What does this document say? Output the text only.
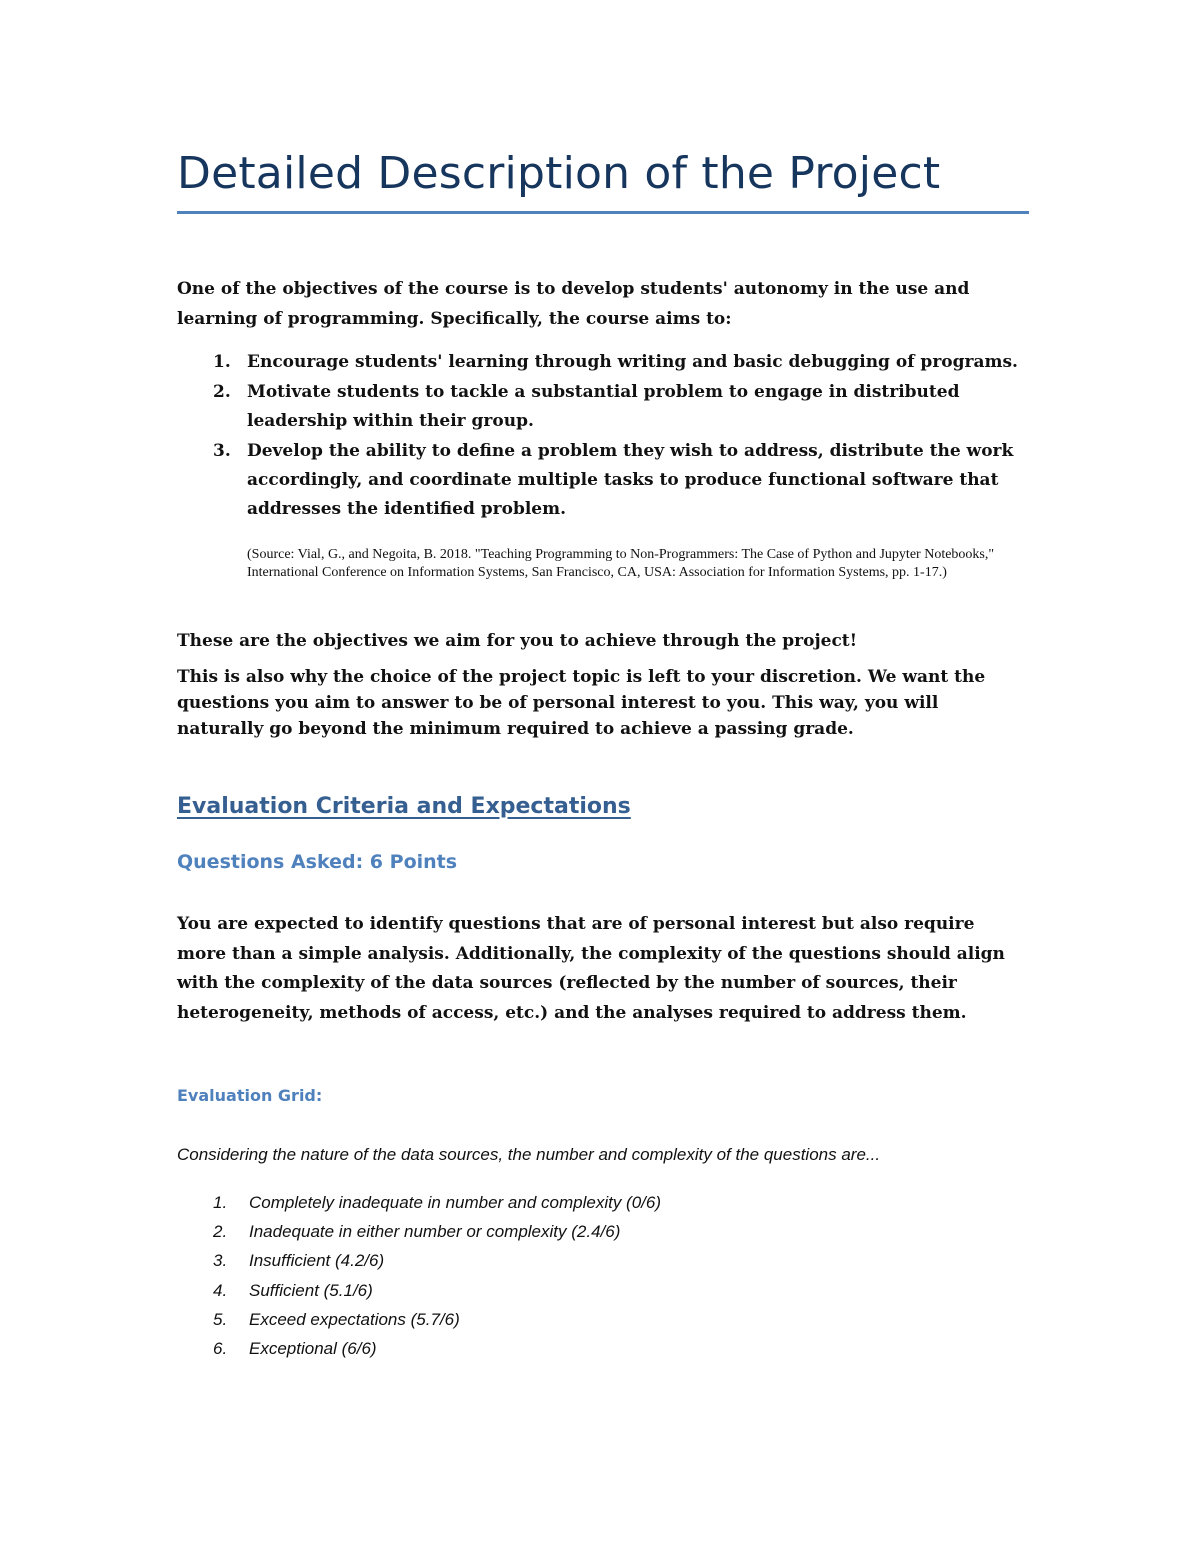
Detailed Description of the Project

One of the objectives of the course is to develop students' autonomy in the use and learning of programming. Specifically, the course aims to:

1. Encourage students' learning through writing and basic debugging of programs.
2. Motivate students to tackle a substantial problem to engage in distributed leadership within their group.
3. Develop the ability to define a problem they wish to address, distribute the work accordingly, and coordinate multiple tasks to produce functional software that addresses the identified problem.

(Source: Vial, G., and Negoita, B. 2018. "Teaching Programming to Non-Programmers: The Case of Python and Jupyter Notebooks," International Conference on Information Systems, San Francisco, CA, USA: Association for Information Systems, pp. 1-17.)

These are the objectives we aim for you to achieve through the project!

This is also why the choice of the project topic is left to your discretion. We want the questions you aim to answer to be of personal interest to you. This way, you will naturally go beyond the minimum required to achieve a passing grade.

Evaluation Criteria and Expectations
Questions Asked: 6 Points

You are expected to identify questions that are of personal interest but also require more than a simple analysis. Additionally, the complexity of the questions should align with the complexity of the data sources (reflected by the number of sources, their heterogeneity, methods of access, etc.) and the analyses required to address them.

Evaluation Grid:

Considering the nature of the data sources, the number and complexity of the questions are...

1. Completely inadequate in number and complexity (0/6)
2. Inadequate in either number or complexity (2.4/6)
3. Insufficient (4.2/6)
4. Sufficient (5.1/6)
5. Exceed expectations (5.7/6)
6. Exceptional (6/6)
